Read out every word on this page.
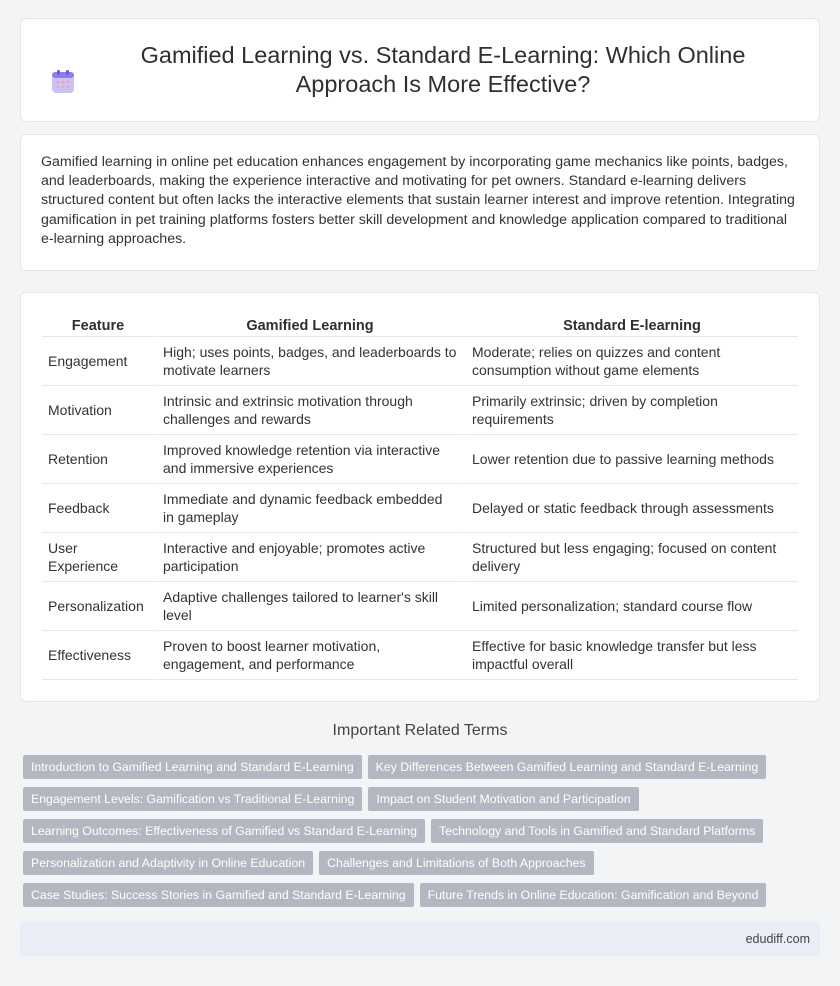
Gamified Learning vs. Standard E-Learning: Which Online Approach Is More Effective?

Gamified learning in online pet education enhances engagement by incorporating game mechanics like points, badges, and leaderboards, making the experience interactive and motivating for pet owners. Standard e-learning delivers structured content but often lacks the interactive elements that sustain learner interest and improve retention. Integrating gamification in pet training platforms fosters better skill development and knowledge application compared to traditional e-learning approaches.

Feature	Gamified Learning	Standard E-learning
Engagement	High; uses points, badges, and leaderboards to motivate learners	Moderate; relies on quizzes and content consumption without game elements
Motivation	Intrinsic and extrinsic motivation through challenges and rewards	Primarily extrinsic; driven by completion requirements
Retention	Improved knowledge retention via interactive and immersive experiences	Lower retention due to passive learning methods
Feedback	Immediate and dynamic feedback embedded in gameplay	Delayed or static feedback through assessments
User Experience	Interactive and enjoyable; promotes active participation	Structured but less engaging; focused on content delivery
Personalization	Adaptive challenges tailored to learner's skill level	Limited personalization; standard course flow
Effectiveness	Proven to boost learner motivation, engagement, and performance	Effective for basic knowledge transfer but less impactful overall
Important Related Terms
Introduction to Gamified Learning and Standard E-Learning	Key Differences Between Gamified Learning and Standard E-Learning
Engagement Levels: Gamification vs Traditional E-Learning	Impact on Student Motivation and Participation
Learning Outcomes: Effectiveness of Gamified vs Standard E-Learning	Technology and Tools in Gamified and Standard Platforms
Personalization and Adaptivity in Online Education	Challenges and Limitations of Both Approaches
Case Studies: Success Stories in Gamified and Standard E-Learning	Future Trends in Online Education: Gamification and Beyond
edudiff.com
